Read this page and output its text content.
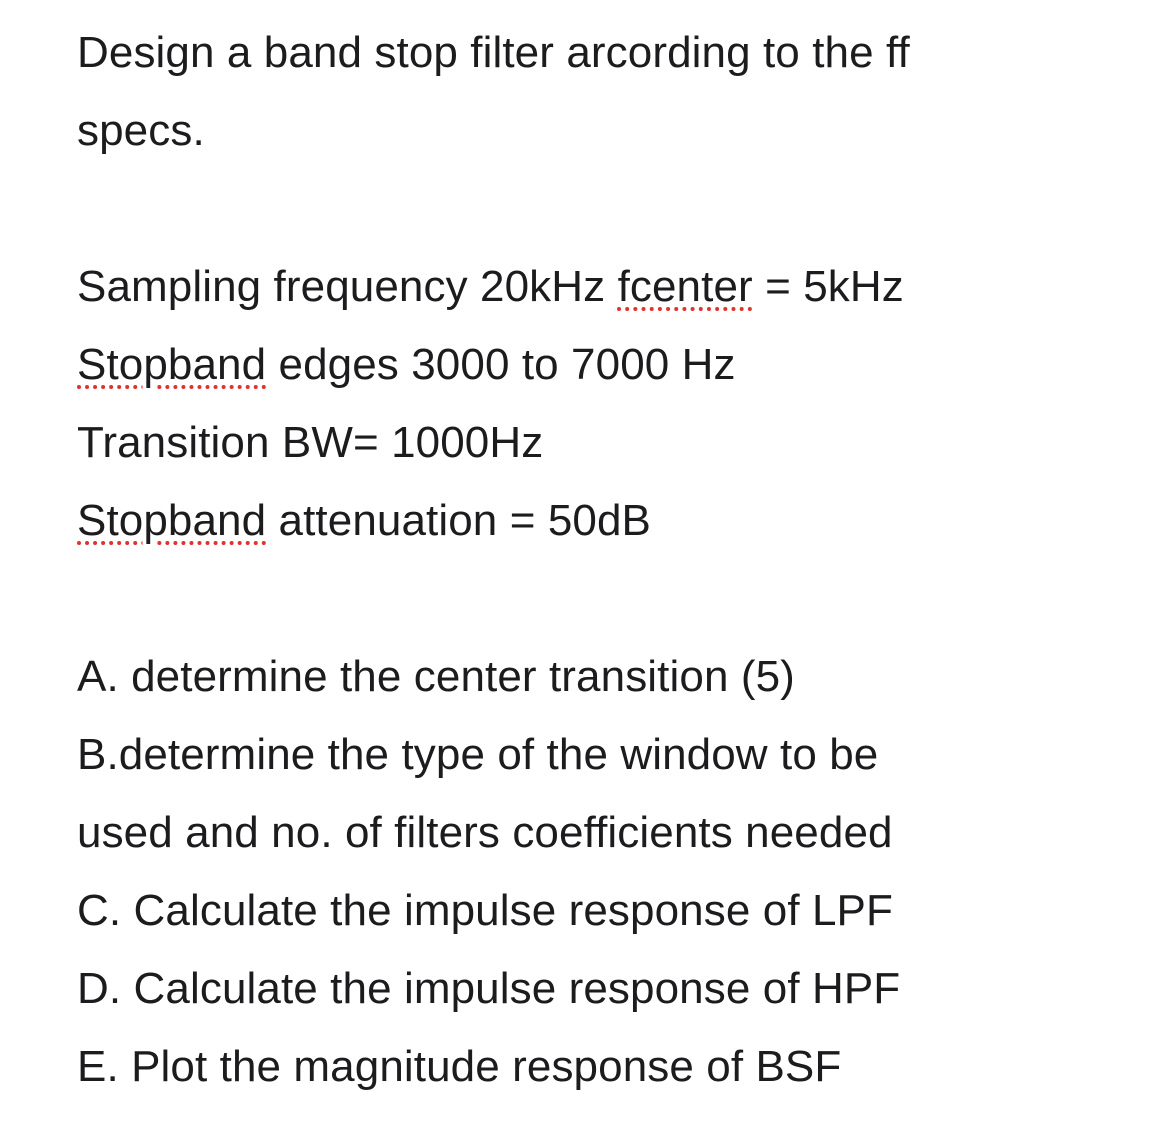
Design a band stop filter arcording to the ff
specs.
Sampling frequency 20kHz fcenter = 5kHz
Stopband edges 3000 to 7000 Hz
Transition BW= 1000Hz
Stopband attenuation = 50dB
A. determine the center transition (5)
B.determine the type of the window to be
used and no. of filters coefficients needed
C. Calculate the impulse response of LPF
D. Calculate the impulse response of HPF
E. Plot the magnitude response of BSF
